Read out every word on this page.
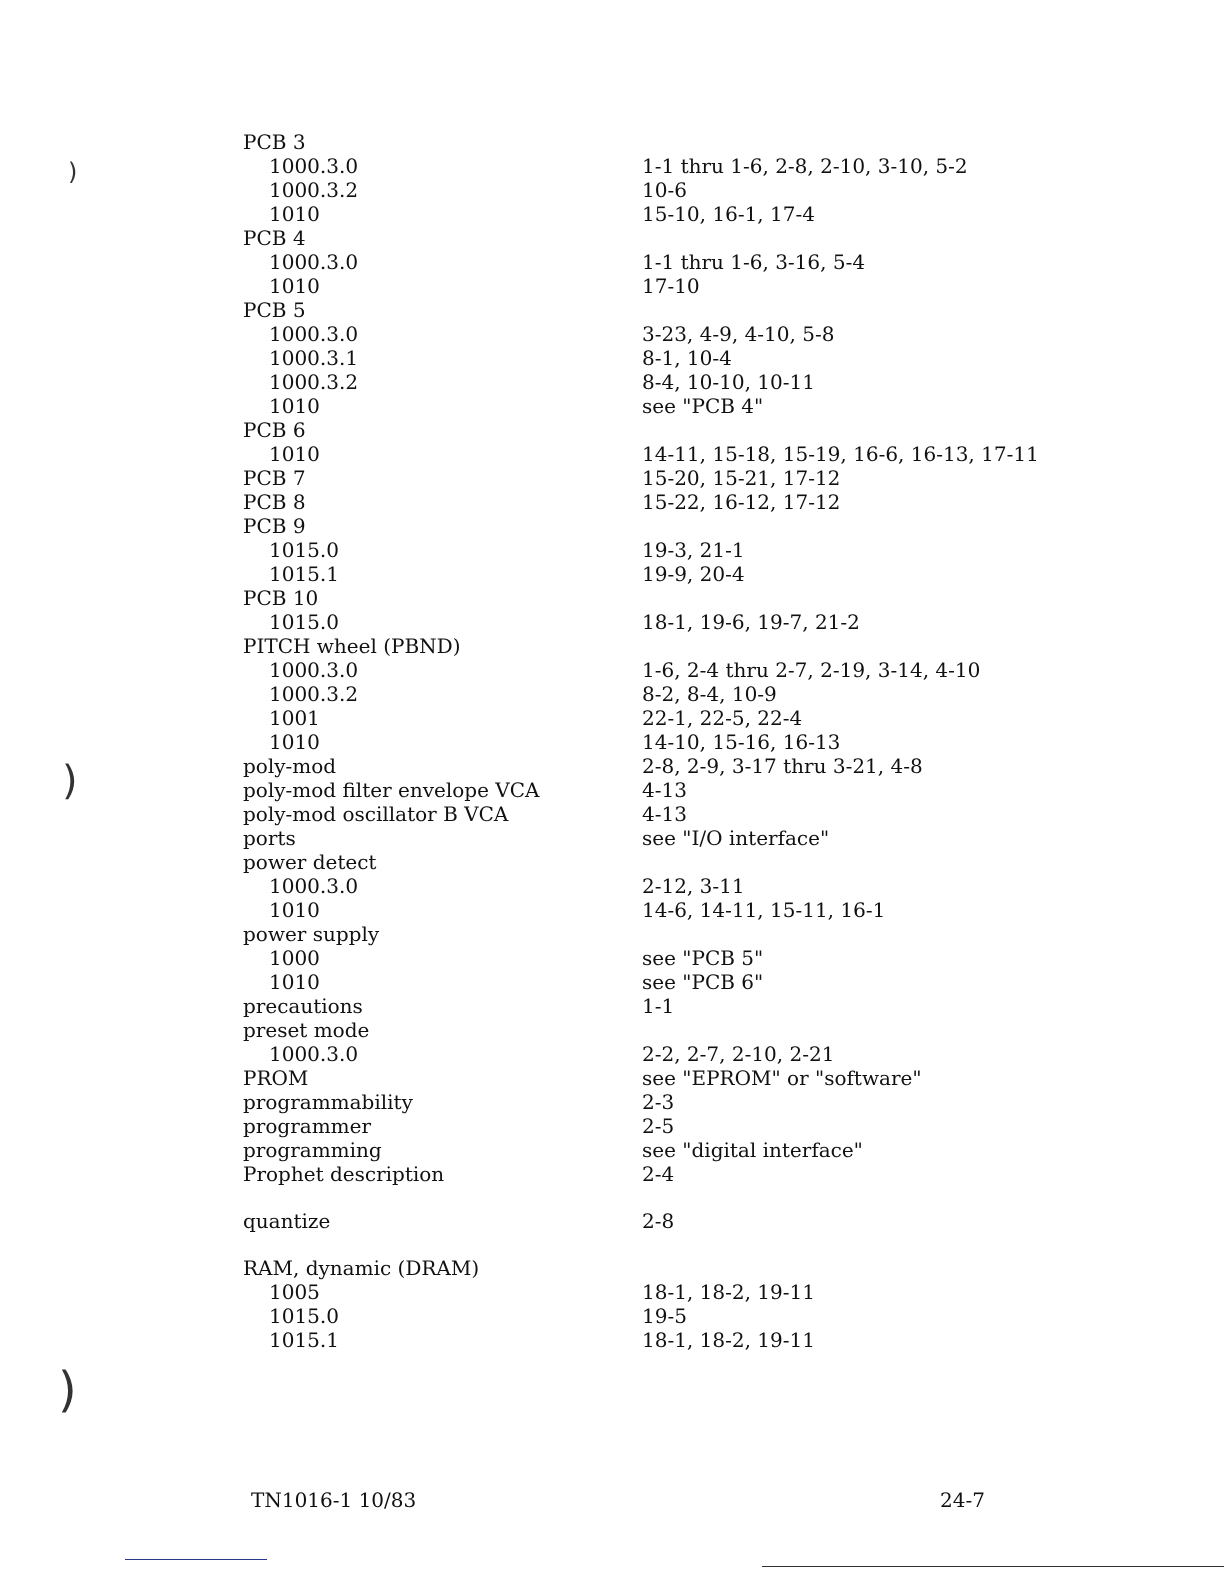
PCB 3
1000.3.0	1-1 thru 1-6, 2-8, 2-10, 3-10, 5-2
1000.3.2	10-6
1010	15-10, 16-1, 17-4
PCB 4
1000.3.0	1-1 thru 1-6, 3-16, 5-4
1010	17-10
PCB 5
1000.3.0	3-23, 4-9, 4-10, 5-8
1000.3.1	8-1, 10-4
1000.3.2	8-4, 10-10, 10-11
1010	see "PCB 4"
PCB 6
1010	14-11, 15-18, 15-19, 16-6, 16-13, 17-11
PCB 7	15-20, 15-21, 17-12
PCB 8	15-22, 16-12, 17-12
PCB 9
1015.0	19-3, 21-1
1015.1	19-9, 20-4
PCB 10
1015.0	18-1, 19-6, 19-7, 21-2
PITCH wheel (PBND)
1000.3.0	1-6, 2-4 thru 2-7, 2-19, 3-14, 4-10
1000.3.2	8-2, 8-4, 10-9
1001	22-1, 22-5, 22-4
1010	14-10, 15-16, 16-13
poly-mod	2-8, 2-9, 3-17 thru 3-21, 4-8
poly-mod filter envelope VCA	4-13
poly-mod oscillator B VCA	4-13
ports	see "I/O interface"
power detect
1000.3.0	2-12, 3-11
1010	14-6, 14-11, 15-11, 16-1
power supply
1000	see "PCB 5"
1010	see "PCB 6"
precautions	1-1
preset mode
1000.3.0	2-2, 2-7, 2-10, 2-21
PROM	see "EPROM" or "software"
programmability	2-3
programmer	2-5
programming	see "digital interface"
Prophet description	2-4
quantize	2-8
RAM, dynamic (DRAM)
1005	18-1, 18-2, 19-11
1015.0	19-5
1015.1	18-1, 18-2, 19-11
TN1016-1 10/83	24-7
)
)
)
